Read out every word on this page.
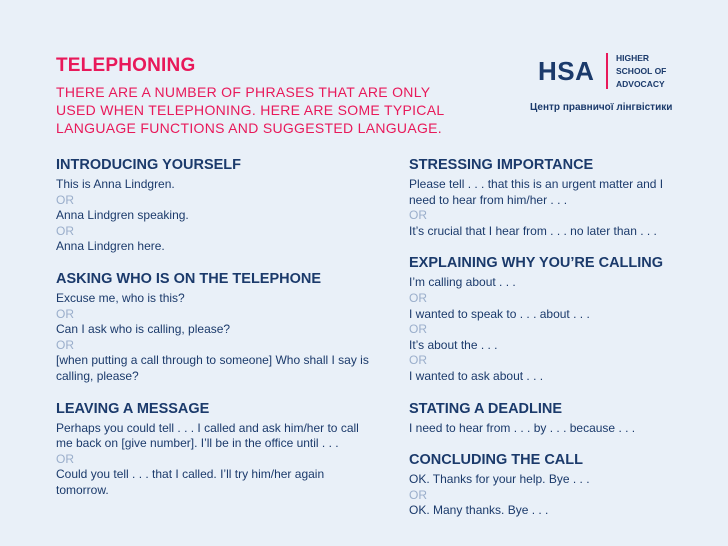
TELEPHONING
THERE ARE A NUMBER OF PHRASES THAT ARE ONLY
USED WHEN TELEPHONING. HERE ARE SOME TYPICAL
LANGUAGE FUNCTIONS AND SUGGESTED LANGUAGE.
HSA	HIGHER
SCHOOL OF
ADVOCACY
Центр правничої лінгвістики
INTRODUCING YOURSELF
This is Anna Lindgren.
OR
Anna Lindgren speaking.
OR
Anna Lindgren here.
ASKING WHO IS ON THE TELEPHONE
Excuse me, who is this?
OR
Can I ask who is calling, please?
OR
[when putting a call through to someone] Who shall I say is calling, please?
LEAVING A MESSAGE
Perhaps you could tell . . . I called and ask him/her to call me back on [give number]. I’ll be in the office until . . .
OR
Could you tell . . . that I called. I’ll try him/her again tomorrow.
STRESSING IMPORTANCE
Please tell . . . that this is an urgent matter and I need to hear from him/her . . .
OR
It’s crucial that I hear from . . . no later than . . .
EXPLAINING WHY YOU’RE CALLING
I’m calling about . . .
OR
I wanted to speak to . . . about . . .
OR
It’s about the . . .
OR
I wanted to ask about . . .
STATING A DEADLINE
I need to hear from . . . by . . . because . . .
CONCLUDING THE CALL
OK. Thanks for your help. Bye . . .
OR
OK. Many thanks. Bye . . .
